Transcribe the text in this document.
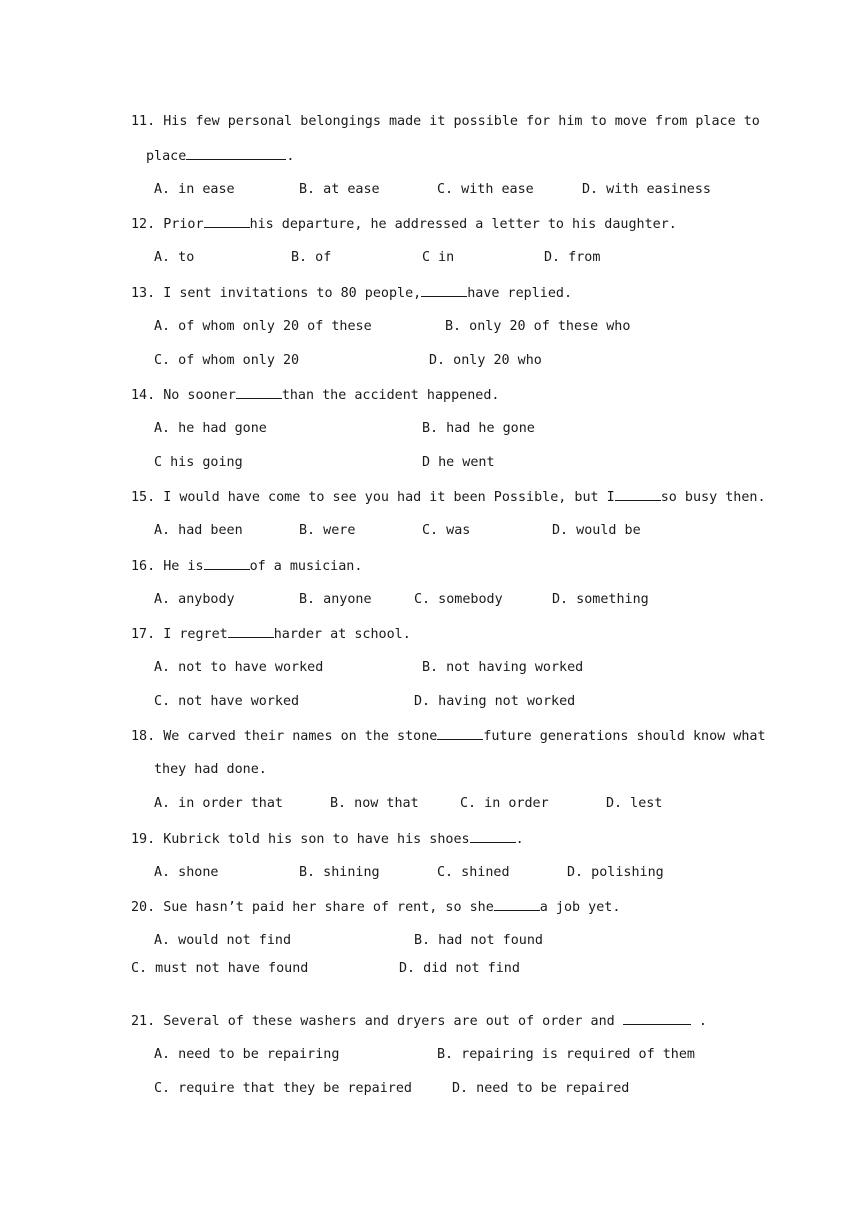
11. His few personal belongings made it possible for him to move from place to
place	.
A. in ease	B. at ease	C. with ease	D. with easiness
12. Prior	his departure, he addressed a letter to his daughter.
A. to	B. of	C in	D. from
13. I sent invitations to 80 people,	have replied.
A. of whom only 20 of these	B. only 20 of these who
C. of whom only 20	D. only 20 who
14. No sooner	than the accident happened.
A. he had gone	B. had he gone
C his going	D he went
15. I would have come to see you had it been Possible, but I	so busy then.
A. had been	B. were	C. was	D. would be
16. He is	of a musician.
A. anybody	B. anyone	C. somebody	D. something
17. I regret	harder at school.
A. not to have worked	B. not having worked
C. not have worked	D. having not worked
18. We carved their names on the stone	future generations should know what
they had done.
A. in order that	B. now that	C. in order	D. lest
19. Kubrick told his son to have his shoes	.
A. shone	B. shining	C. shined	D. polishing
20. Sue hasn’t paid her share of rent, so she	a job yet.
A. would not find	B. had not found
C. must not have found	D. did not find
21. Several of these washers and dryers are out of order and	.
A. need to be repairing	B. repairing is required of them
C. require that they be repaired	D. need to be repaired
